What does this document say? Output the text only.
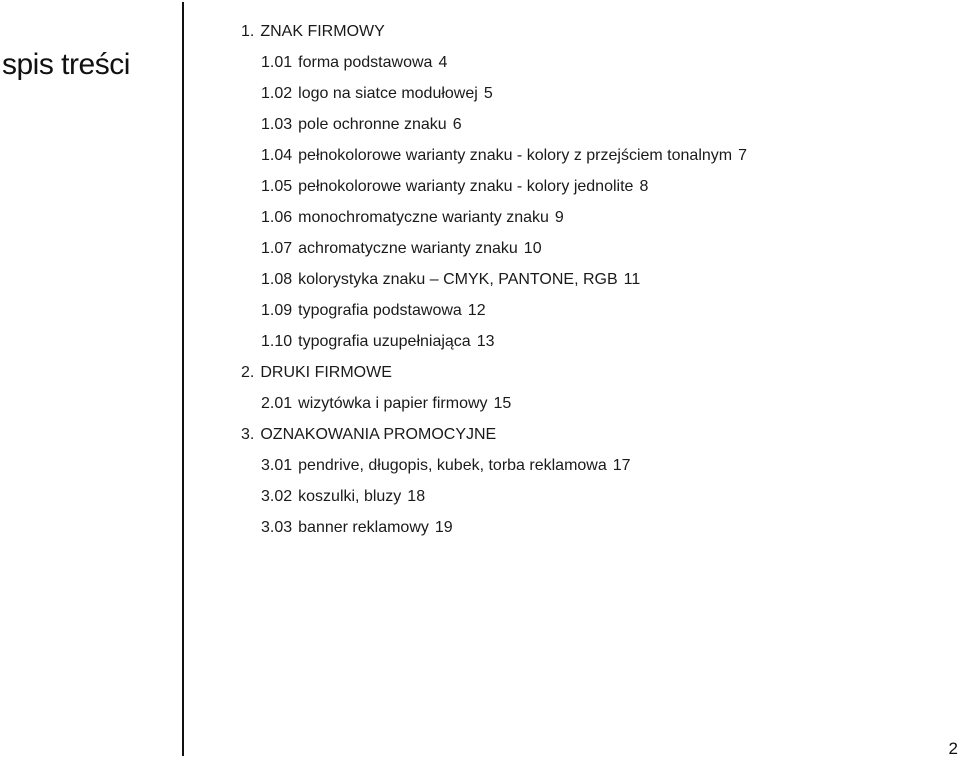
spis treści
1. ZNAK FIRMOWY
1.01 forma podstawowa 4
1.02 logo na siatce modułowej 5
1.03 pole ochronne znaku 6
1.04 pełnokolorowe warianty znaku - kolory z przejściem tonalnym 7
1.05 pełnokolorowe warianty znaku - kolory jednolite 8
1.06 monochromatyczne warianty znaku 9
1.07 achromatyczne warianty znaku 10
1.08 kolorystyka znaku – CMYK, PANTONE, RGB 11
1.09 typografia podstawowa 12
1.10 typografia uzupełniająca 13
2. DRUKI FIRMOWE
2.01 wizytówka i papier firmowy 15
3. OZNAKOWANIA PROMOCYJNE
3.01 pendrive, długopis, kubek, torba reklamowa 17
3.02 koszulki, bluzy 18
3.03 banner reklamowy 19
2
